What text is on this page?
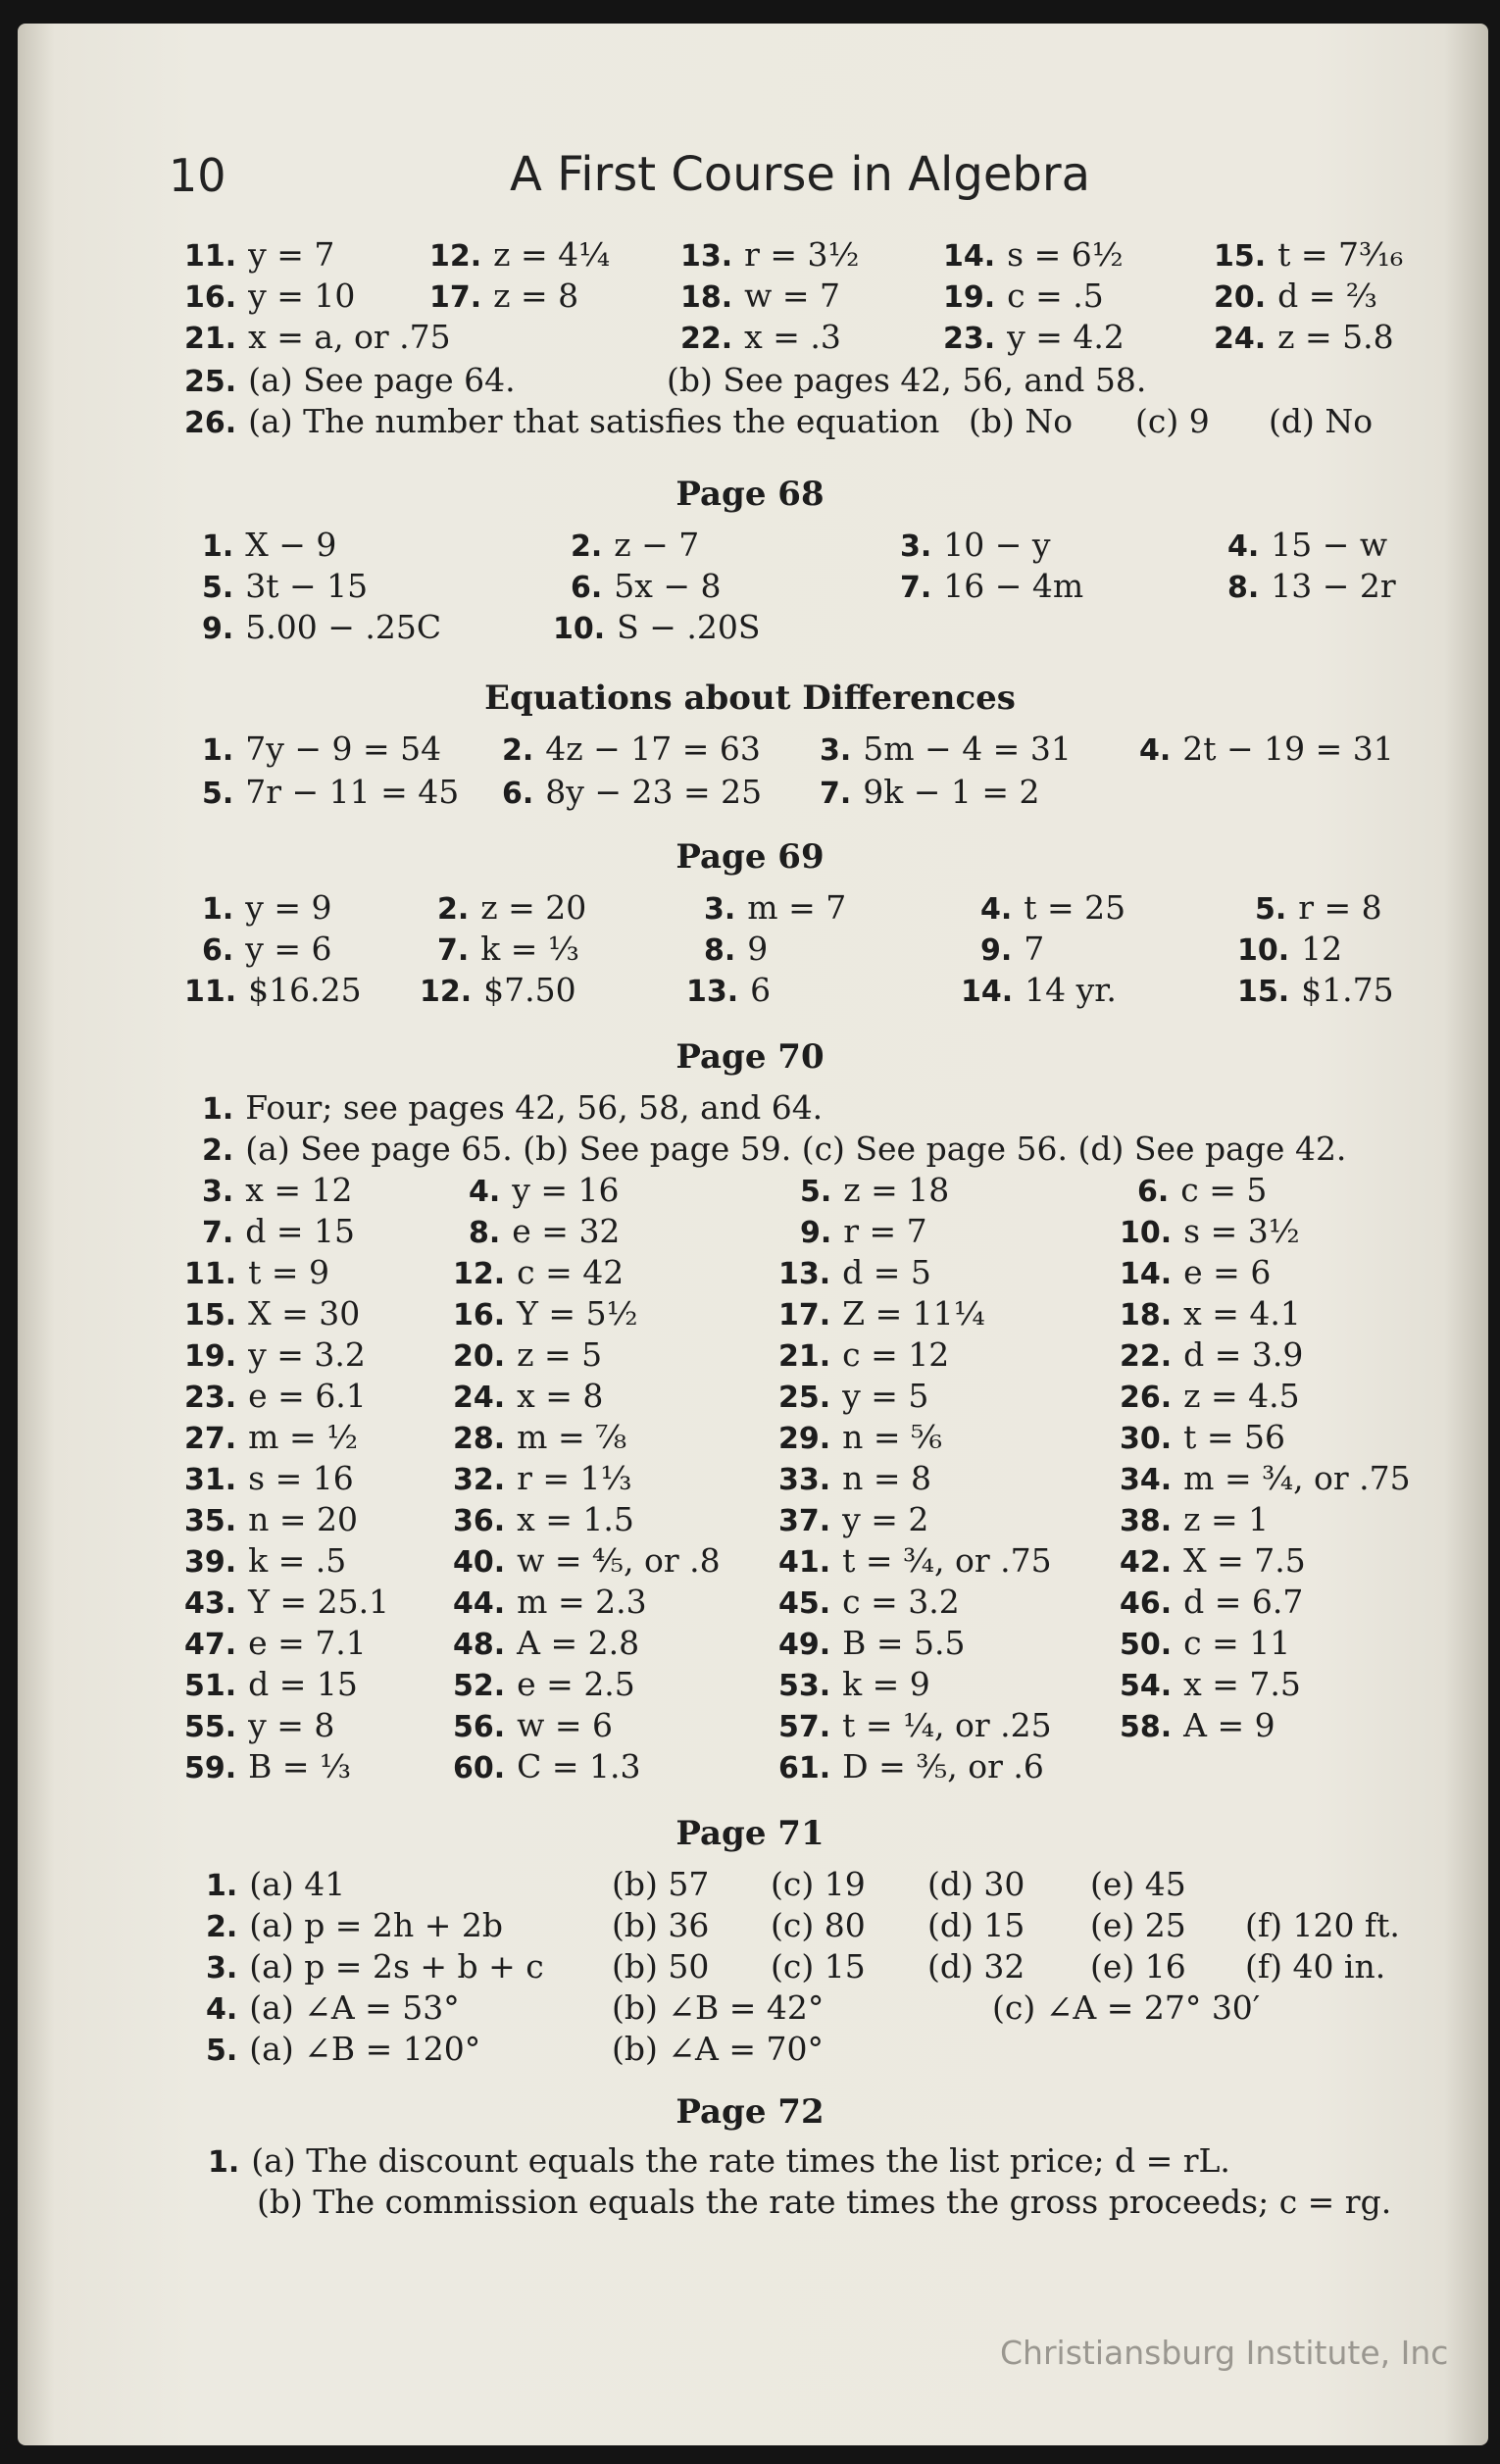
10	A First Course in Algebra
Page 68
Equations about Differences
Page 69
Page 70
Page 71
Page 72
11. y = 7	12. z = 4¼ 13. r = 3½	14. s = 6½	15. t = 7³⁄₁₆
16. y = 10	17. z = 8	18. w = 7	19. c = .5	20. d = ⅔
21. x = a, or .75	22. x = .3	23. y = 4.2	24. z = 5.8
25. (a) See page 64.	(b) See pages 42, 56, and 58.
26. (a) The number that satisfies the equation (b) No (c) 9 (d) No
1. X − 9	2. z − 7	3. 10 − y	4. 15 − w
5. 3t − 15	6. 5x − 8	7. 16 − 4m	8. 13 − 2r
9. 5.00 − .25C	10. S − .20S
1. 7y − 9 = 54 2. 4z − 17 = 63 3. 5m − 4 = 31 4. 2t − 19 = 31
5. 7r − 11 = 45 6. 8y − 23 = 25 7. 9k − 1 = 2
1. y = 9	2. z = 20	3. m = 7	4. t = 25	5. r = 8
6. y = 6	7. k = ⅓	8. 9	9. 7	10. 12
11. $16.25 12. $7.50	13. 6	14. 14 yr.	15. $1.75
1. Four; see pages 42, 56, 58, and 64.
2. (a) See page 65. (b) See page 59. (c) See page 56. (d) See page 42.
3. x = 12	4. y = 16	5. z = 18	6. c = 5
7. d = 15	8. e = 32	9. r = 7	10. s = 3½
11. t = 9	12. c = 42	13. d = 5	14. e = 6
15. X = 30	16. Y = 5½	17. Z = 11¼	18. x = 4.1
19. y = 3.2	20. z = 5	21. c = 12	22. d = 3.9
23. e = 6.1	24. x = 8	25. y = 5	26. z = 4.5
27. m = ½	28. m = ⅞	29. n = ⅚	30. t = 56
31. s = 16	32. r = 1⅓	33. n = 8	34. m = ¾, or .75
35. n = 20	36. x = 1.5	37. y = 2	38. z = 1
39. k = .5	40. w = ⅘, or .8 41. t = ¾, or .75 42. X = 7.5
43. Y = 25.1 44. m = 2.3	45. c = 3.2	46. d = 6.7
47. e = 7.1	48. A = 2.8	49. B = 5.5	50. c = 11
51. d = 15	52. e = 2.5	53. k = 9	54. x = 7.5
55. y = 8	56. w = 6	57. t = ¼, or .25 58. A = 9
59. B = ⅓	60. C = 1.3	61. D = ⅗, or .6
1. (a) 41	(b) 57 (c) 19 (d) 30 (e) 45
2. (a) p = 2h + 2b	(b) 36 (c) 80 (d) 15 (e) 25 (f) 120 ft.
3. (a) p = 2s + b + c (b) 50 (c) 15 (d) 32 (e) 16 (f) 40 in.
4. (a) ∠A = 53°	(b) ∠B = 42°	(c) ∠A = 27° 30′
5. (a) ∠B = 120°	(b) ∠A = 70°
1. (a) The discount equals the rate times the list price; d = rL.
(b) The commission equals the rate times the gross proceeds; c = rg.
Christiansburg Institute, Inc
